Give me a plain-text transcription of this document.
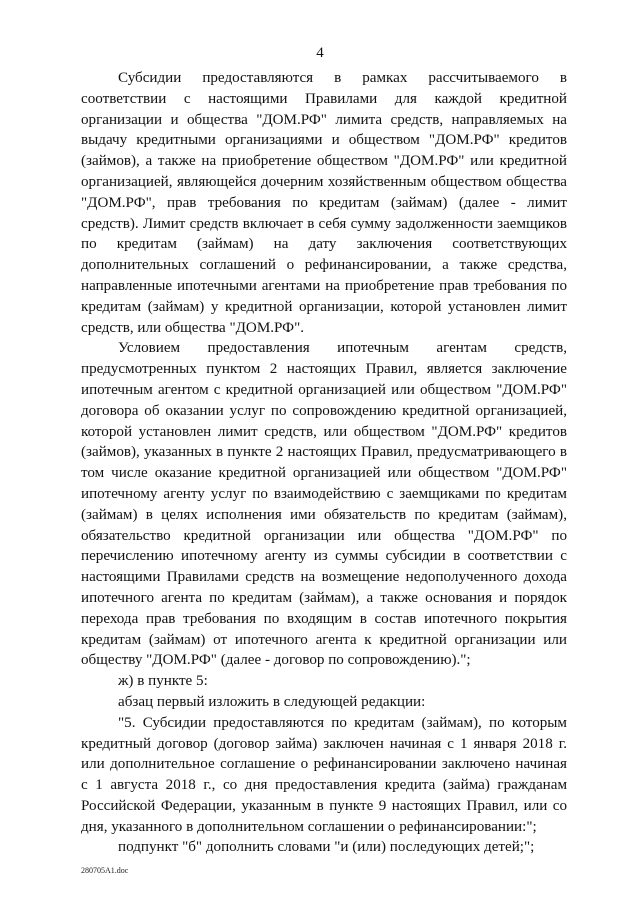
4

Субсидии предоставляются в рамках рассчитываемого в соответствии с настоящими Правилами для каждой кредитной организации и общества "ДОМ.РФ" лимита средств, направляемых на выдачу кредитными организациями и обществом "ДОМ.РФ" кредитов (займов), а также на приобретение обществом "ДОМ.РФ" или кредитной организацией, являющейся дочерним хозяйственным обществом общества "ДОМ.РФ", прав требования по кредитам (займам) (далее - лимит средств). Лимит средств включает в себя сумму задолженности заемщиков по кредитам (займам) на дату заключения соответствующих дополнительных соглашений о рефинансировании, а также средства, направленные ипотечными агентами на приобретение прав требования по кредитам (займам) у кредитной организации, которой установлен лимит средств, или общества "ДОМ.РФ".

Условием предоставления ипотечным агентам средств, предусмотренных пунктом 2 настоящих Правил, является заключение ипотечным агентом с кредитной организацией или обществом "ДОМ.РФ" договора об оказании услуг по сопровождению кредитной организацией, которой установлен лимит средств, или обществом "ДОМ.РФ" кредитов (займов), указанных в пункте 2 настоящих Правил, предусматривающего в том числе оказание кредитной организацией или обществом "ДОМ.РФ" ипотечному агенту услуг по взаимодействию с заемщиками по кредитам (займам) в целях исполнения ими обязательств по кредитам (займам), обязательство кредитной организации или общества "ДОМ.РФ" по перечислению ипотечному агенту из суммы субсидии в соответствии с настоящими Правилами средств на возмещение недополученного дохода ипотечного агента по кредитам (займам), а также основания и порядок перехода прав требования по входящим в состав ипотечного покрытия кредитам (займам) от ипотечного агента к кредитной организации или обществу "ДОМ.РФ" (далее - договор по сопровождению).";

ж) в пункте 5:

абзац первый изложить в следующей редакции:

"5. Субсидии предоставляются по кредитам (займам), по которым кредитный договор (договор займа) заключен начиная с 1 января 2018 г. или дополнительное соглашение о рефинансировании заключено начиная с 1 августа 2018 г., со дня предоставления кредита (займа) гражданам Российской Федерации, указанным в пункте 9 настоящих Правил, или со дня, указанного в дополнительном соглашении о рефинансировании:";

подпункт "б" дополнить словами "и (или) последующих детей;";

280705A1.doc
